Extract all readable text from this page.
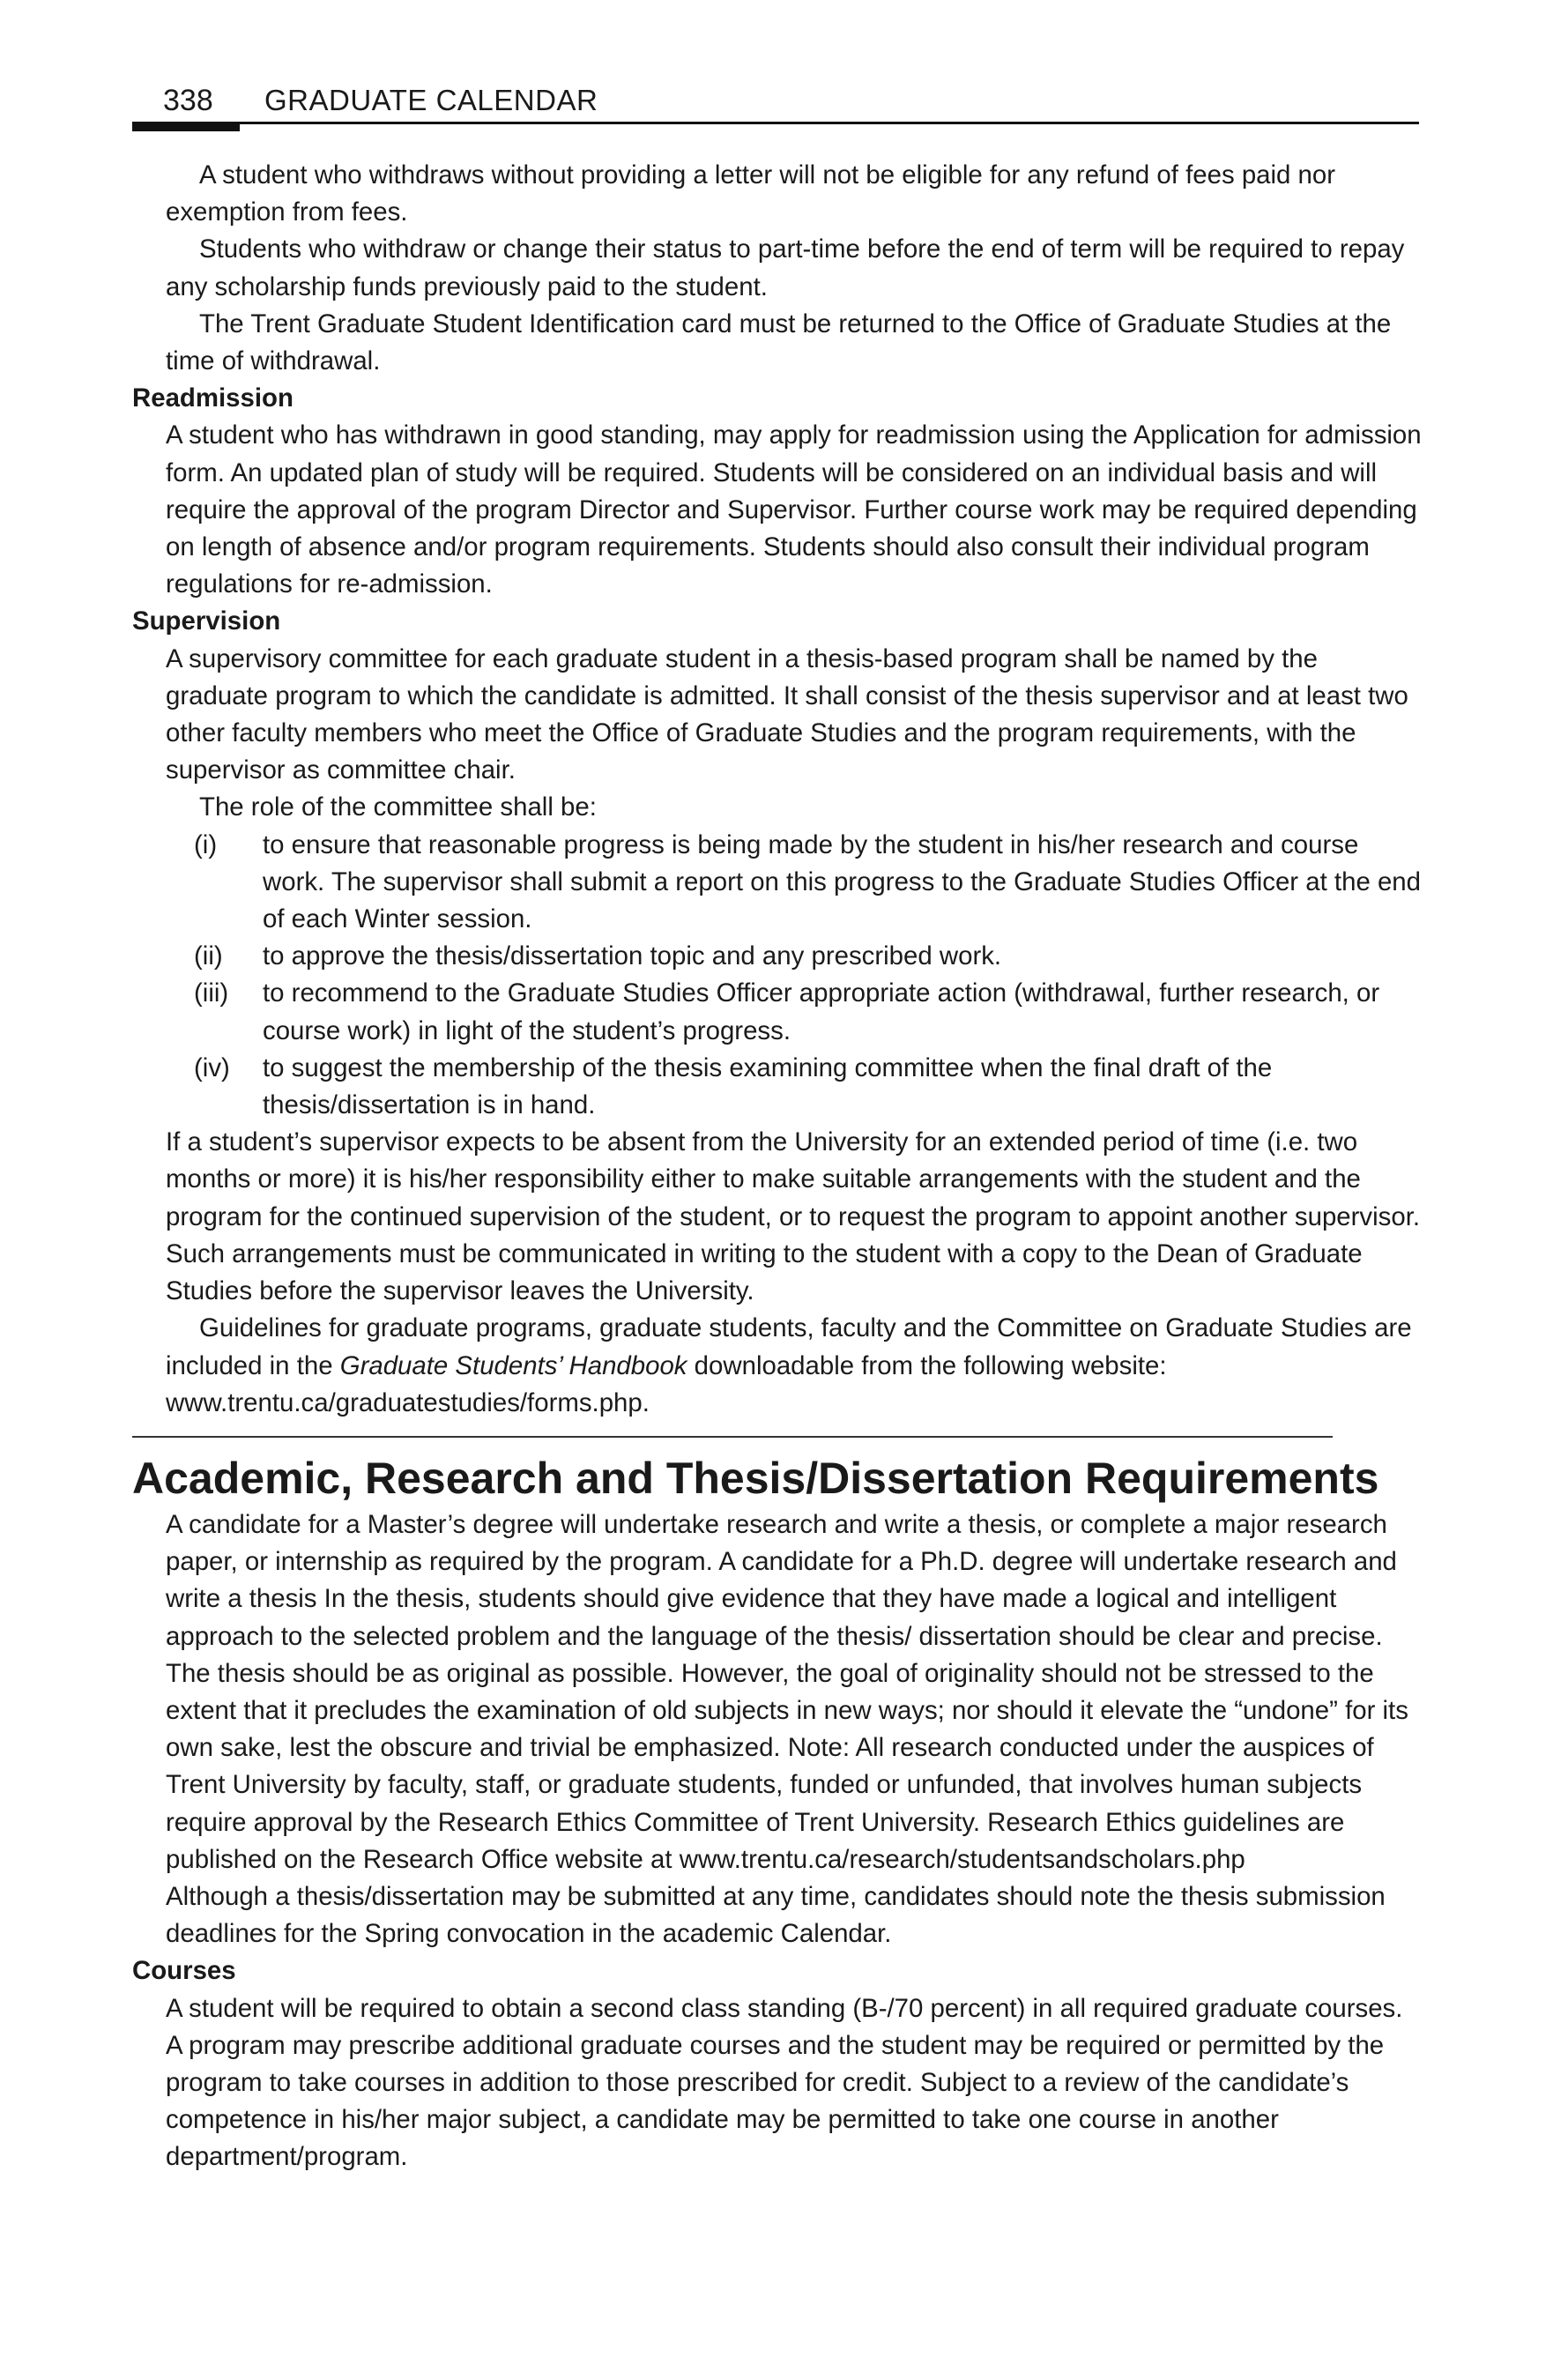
338 GRADUATE CALENDAR

A student who withdraws without providing a letter will not be eligible for any refund of fees paid nor exemption from fees.

Students who withdraw or change their status to part-time before the end of term will be required to repay any scholarship funds previously paid to the student.

The Trent Graduate Student Identification card must be returned to the Office of Graduate Studies at the time of withdrawal.

Readmission

A student who has withdrawn in good standing, may apply for readmission using the Application for admission form. An updated plan of study will be required. Students will be considered on an individual basis and will require the approval of the program Director and Supervisor. Further course work may be required depending on length of absence and/or program requirements. Students should also consult their individual program regulations for re-admission.

Supervision

A supervisory committee for each graduate student in a thesis-based program shall be named by the graduate program to which the candidate is admitted. It shall consist of the thesis supervisor and at least two other faculty members who meet the Office of Graduate Studies and the program requirements, with the supervisor as committee chair.

The role of the committee shall be:

(i) to ensure that reasonable progress is being made by the student in his/her research and course work. The supervisor shall submit a report on this progress to the Graduate Studies Officer at the end of each Winter session.
(ii) to approve the thesis/dissertation topic and any prescribed work.
(iii) to recommend to the Graduate Studies Officer appropriate action (withdrawal, further research, or course work) in light of the student’s progress.
(iv) to suggest the membership of the thesis examining committee when the final draft of the thesis/dissertation is in hand.

If a student’s supervisor expects to be absent from the University for an extended period of time (i.e. two months or more) it is his/her responsibility either to make suitable arrangements with the student and the program for the continued supervision of the student, or to request the program to appoint another supervisor. Such arrangements must be communicated in writing to the student with a copy to the Dean of Graduate Studies before the supervisor leaves the University.

Guidelines for graduate programs, graduate students, faculty and the Committee on Graduate Studies are included in the Graduate Students’ Handbook downloadable from the following website: www.trentu.ca/graduatestudies/forms.php.

Academic, Research and Thesis/Dissertation Requirements

A candidate for a Master’s degree will undertake research and write a thesis, or complete a major research paper, or internship as required by the program. A candidate for a Ph.D. degree will undertake research and write a thesis In the thesis, students should give evidence that they have made a logical and intelligent approach to the selected problem and the language of the thesis/ dissertation should be clear and precise. The thesis should be as original as possible. However, the goal of originality should not be stressed to the extent that it precludes the examination of old subjects in new ways; nor should it elevate the “undone” for its own sake, lest the obscure and trivial be emphasized. Note: All research conducted under the auspices of Trent University by faculty, staff, or graduate students, funded or unfunded, that involves human subjects require approval by the Research Ethics Committee of Trent University. Research Ethics guidelines are published on the Research Office website at www.trentu.ca/research/studentsandscholars.php

Although a thesis/dissertation may be submitted at any time, candidates should note the thesis submission deadlines for the Spring convocation in the academic Calendar.

Courses

A student will be required to obtain a second class standing (B-/70 percent) in all required graduate courses. A program may prescribe additional graduate courses and the student may be required or permitted by the program to take courses in addition to those prescribed for credit. Subject to a review of the candidate’s competence in his/her major subject, a candidate may be permitted to take one course in another department/program.
